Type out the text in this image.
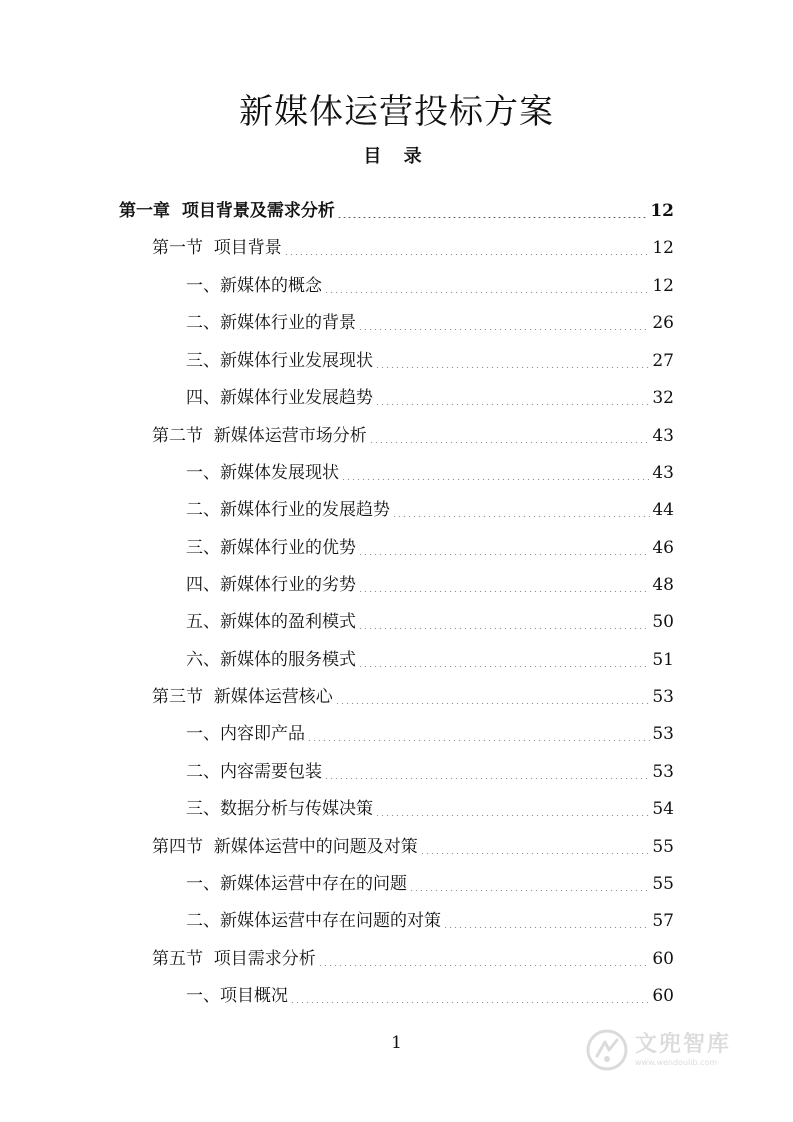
新媒体运营投标方案
目 录
第一章  项目背景及需求分析	12
第一节  项目背景	12
一、新媒体的概念	12
二、新媒体行业的背景	26
三、新媒体行业发展现状	27
四、新媒体行业发展趋势	32
第二节  新媒体运营市场分析	43
一、新媒体发展现状	43
二、新媒体行业的发展趋势	44
三、新媒体行业的优势	46
四、新媒体行业的劣势	48
五、新媒体的盈利模式	50
六、新媒体的服务模式	51
第三节  新媒体运营核心	53
一、内容即产品	53
二、内容需要包装	53
三、数据分析与传媒决策	54
第四节  新媒体运营中的问题及对策	55
一、新媒体运营中存在的问题	55
二、新媒体运营中存在问题的对策	57
第五节  项目需求分析	60
一、项目概况	60
1	文兜智库
www.wendoulib.com
